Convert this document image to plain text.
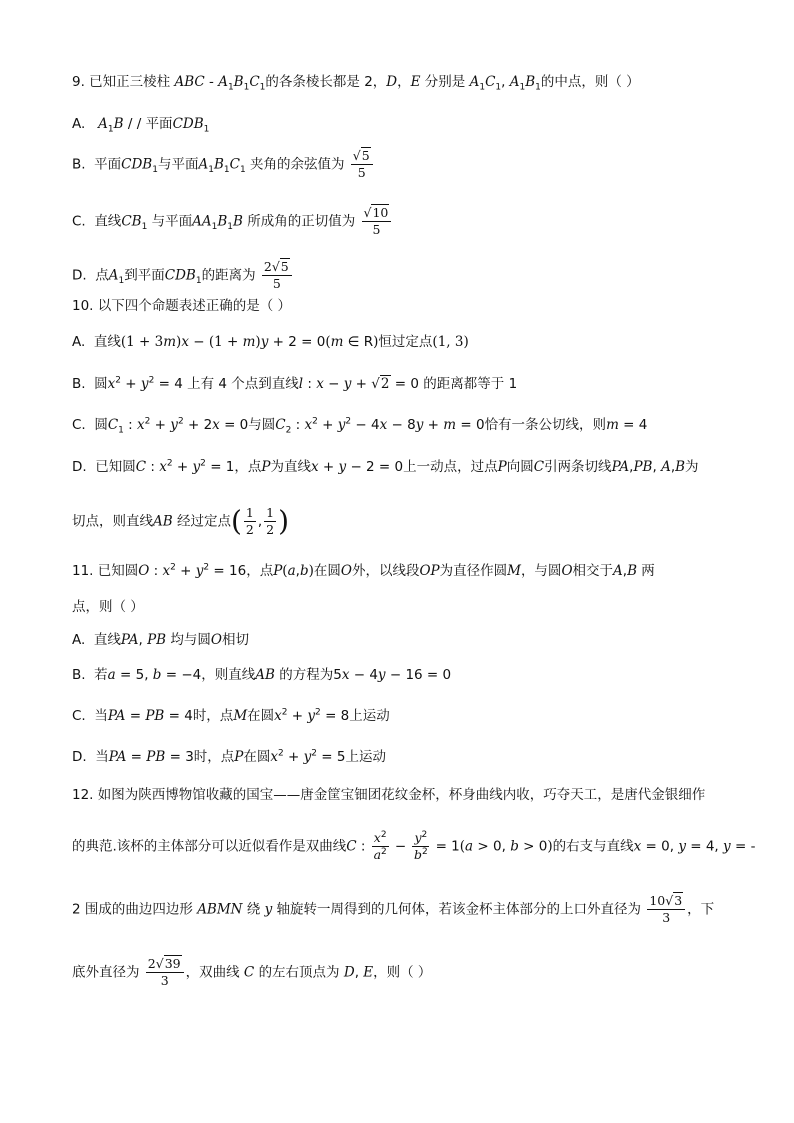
9. 已知正三棱柱 ABC - $A_1B_1C_1$的各条棱长都是 2，D，E 分别是 $A_1C_1$, $A_1B_1$的中点，则（ ）
A. $A_1B$ / / 平面$CDB_1$
B. 平面$CDB_1$与平面$A_1B_1C_1$ 夹角的余弦值为 $\frac{√5}{5}$
C. 直线$CB_1$ 与平面$AA_1B_1B$ 所成角的正切值为 $\frac{√10}{5}$
D. 点$A_1$到平面$CDB_1$的距离为 $\frac{2√5}{5}$
10. 以下四个命题表述正确的是（ ）
A. 直线(1 + 3m)x − (1 + m)y + 2 = 0(m ∈ R)恒过定点(1, 3)
B. 圆$x^2 + y^2 = 4$ 上有 4 个点到直线l : x − y + √2 = 0 的距离都等于 1
C. 圆$C_1$ : $x^2 + y^2 + 2x = 0$与圆$C_2$ : $x^2 + y^2 - 4x - 8y + m = 0$恰有一条公切线，则m = 4
D. 已知圆C : $x^2 + y^2 = 1$，点P为直线x + y − 2 = 0上一动点，过点P向圆C引两条切线PA,PB, A,B为
切点，则直线AB 经过定点( $\frac{1}{2}$ , $\frac{1}{2}$ )
11. 已知圆O : $x^2 + y^2 = 16$，点P(a,b)在圆O外，以线段OP为直径作圆M，与圆O相交于A,B 两
点，则（ ）
A. 直线PA, PB 均与圆O相切
B. 若a = 5, b = −4，则直线AB 的方程为5x − 4y − 16 = 0
C. 当PA = PB = 4时，点M在圆$x^2 + y^2 = 8$上运动
D. 当PA = PB = 3时，点P在圆$x^2 + y^2 = 5$上运动
12. 如图为陕西博物馆收藏的国宝——唐金筐宝钿团花纹金杯，杯身曲线内收，巧夺天工，是唐代金银细作
的典范.该杯的主体部分可以近似看作是双曲线C : $\frac{x^2}{a^2} - \frac{y^2}{b^2} = 1(a > 0$, b > 0)的右支与直线x = 0, y = 4, y = -
2 围成的曲边四边形 ABMN 绕 y 轴旋转一周得到的几何体，若该金杯主体部分的上口外直径为 $\frac{10√3}{3}$ ，下
底外直径为 $\frac{2√39}{3}$ ，双曲线 C 的左右顶点为 D, E，则（ ）
